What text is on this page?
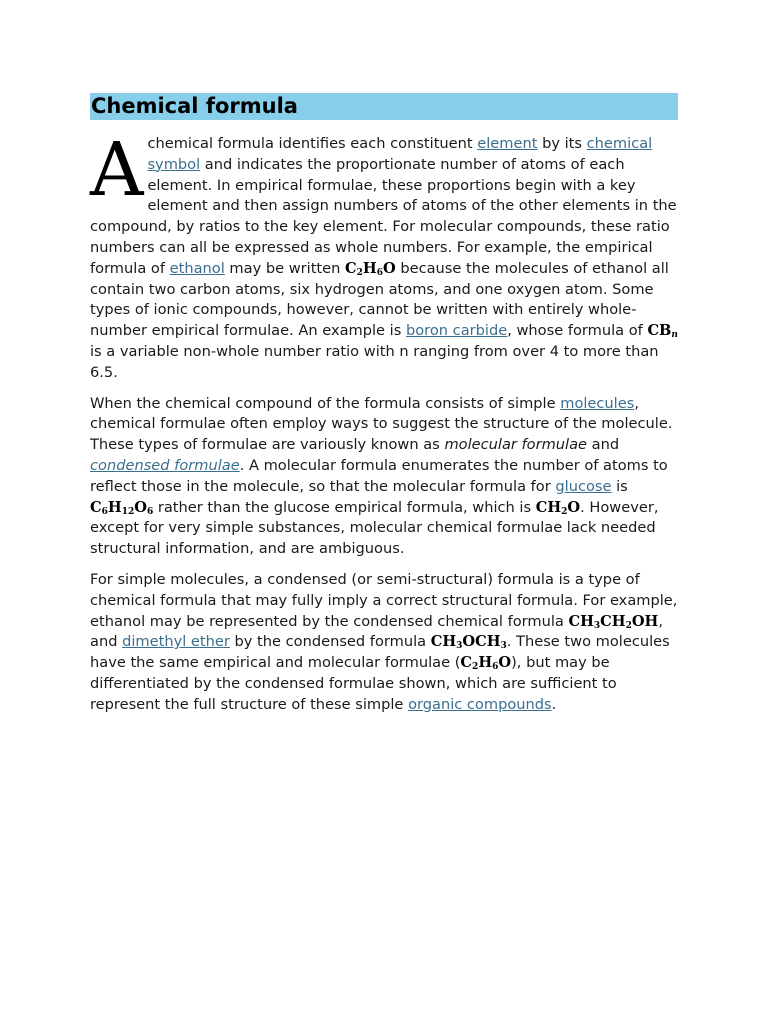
Chemical formula

A chemical formula identifies each constituent element by its chemical symbol and indicates the proportionate number of atoms of each element. In empirical formulae, these proportions begin with a key element and then assign numbers of atoms of the other elements in the compound, by ratios to the key element. For molecular compounds, these ratio numbers can all be expressed as whole numbers. For example, the empirical formula of ethanol may be written $C_2H_6O$ because the molecules of ethanol all contain two carbon atoms, six hydrogen atoms, and one oxygen atom. Some types of ionic compounds, however, cannot be written with entirely whole-number empirical formulae. An example is boron carbide, whose formula of $CB_n$ is a variable non-whole number ratio with n ranging from over 4 to more than 6.5.

When the chemical compound of the formula consists of simple molecules, chemical formulae often employ ways to suggest the structure of the molecule. These types of formulae are variously known as molecular formulae and condensed formulae. A molecular formula enumerates the number of atoms to reflect those in the molecule, so that the molecular formula for glucose is $C_6H_{12}O_6$ rather than the glucose empirical formula, which is $CH_2O$. However, except for very simple substances, molecular chemical formulae lack needed structural information, and are ambiguous.

For simple molecules, a condensed (or semi-structural) formula is a type of chemical formula that may fully imply a correct structural formula. For example, ethanol may be represented by the condensed chemical formula $CH_3CH_2OH$, and dimethyl ether by the condensed formula $CH_3OCH_3$. These two molecules have the same empirical and molecular formulae $(C_2H_6O)$, but may be differentiated by the condensed formulae shown, which are sufficient to represent the full structure of these simple organic compounds.
